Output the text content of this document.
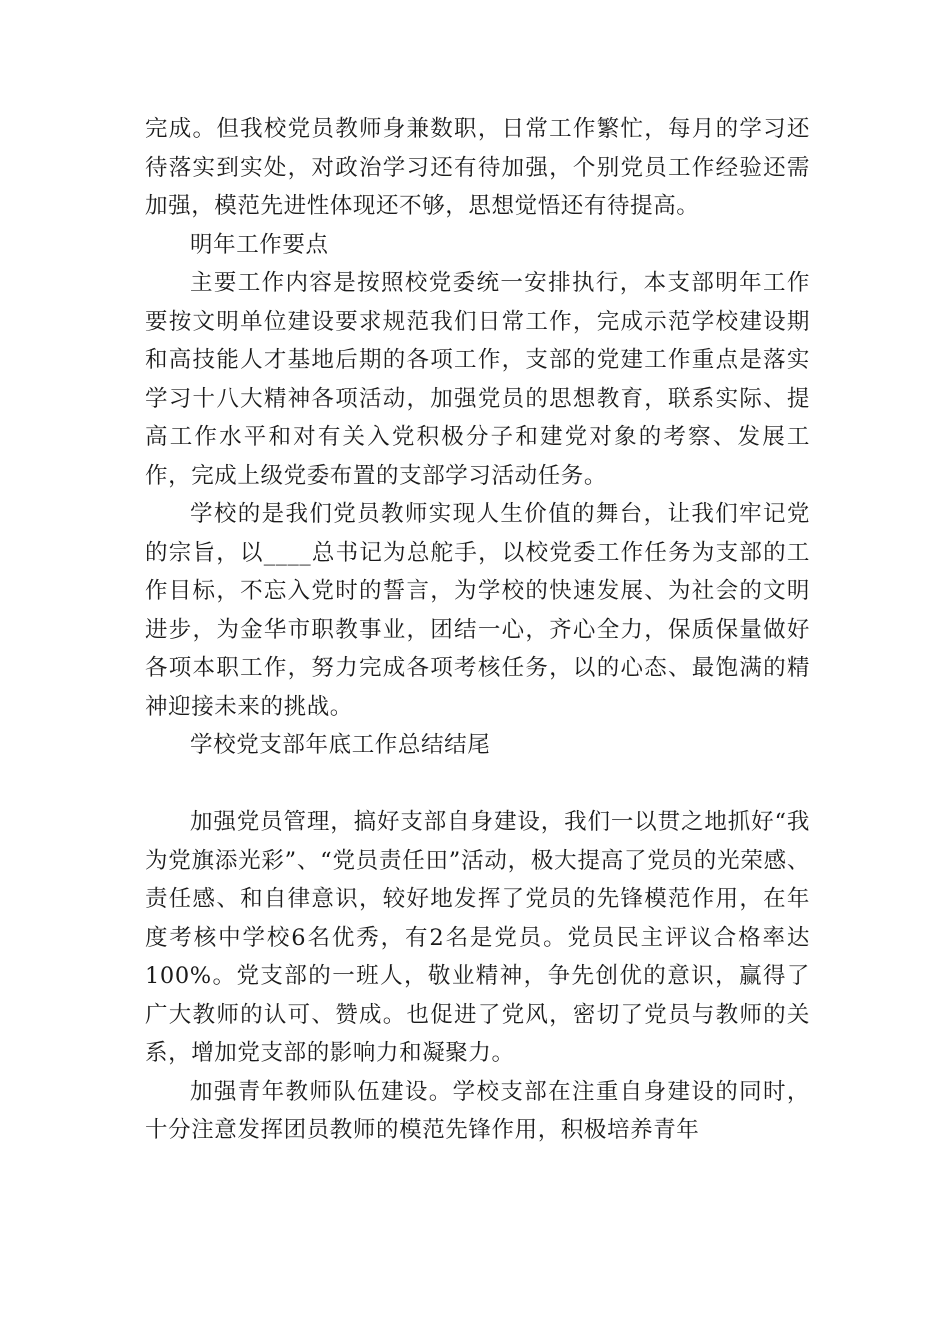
完成。但我校党员教师身兼数职，日常工作繁忙，每月的学习还待落实到实处，对政治学习还有待加强，个别党员工作经验还需加强，模范先进性体现还不够，思想觉悟还有待提高。

明年工作要点

主要工作内容是按照校党委统一安排执行，本支部明年工作要按文明单位建设要求规范我们日常工作，完成示范学校建设期和高技能人才基地后期的各项工作，支部的党建工作重点是落实学习十八大精神各项活动，加强党员的思想教育，联系实际、提高工作水平和对有关入党积极分子和建党对象的考察、发展工作，完成上级党委布置的支部学习活动任务。

学校的是我们党员教师实现人生价值的舞台，让我们牢记党的宗旨，以____总书记为总舵手，以校党委工作任务为支部的工作目标，不忘入党时的誓言，为学校的快速发展、为社会的文明进步，为金华市职教事业，团结一心，齐心全力，保质保量做好各项本职工作，努力完成各项考核任务，以的心态、最饱满的精神迎接未来的挑战。

学校党支部年底工作总结结尾

加强党员管理，搞好支部自身建设，我们一以贯之地抓好“我为党旗添光彩”、“党员责任田”活动，极大提高了党员的光荣感、责任感、和自律意识，较好地发挥了党员的先锋模范作用，在年度考核中学校6名优秀，有2名是党员。党员民主评议合格率达100%。党支部的一班人，敬业精神，争先创优的意识，赢得了广大教师的认可、赞成。也促进了党风，密切了党员与教师的关系，增加党支部的影响力和凝聚力。

加强青年教师队伍建设。学校支部在注重自身建设的同时，十分注意发挥团员教师的模范先锋作用，积极培养青年
